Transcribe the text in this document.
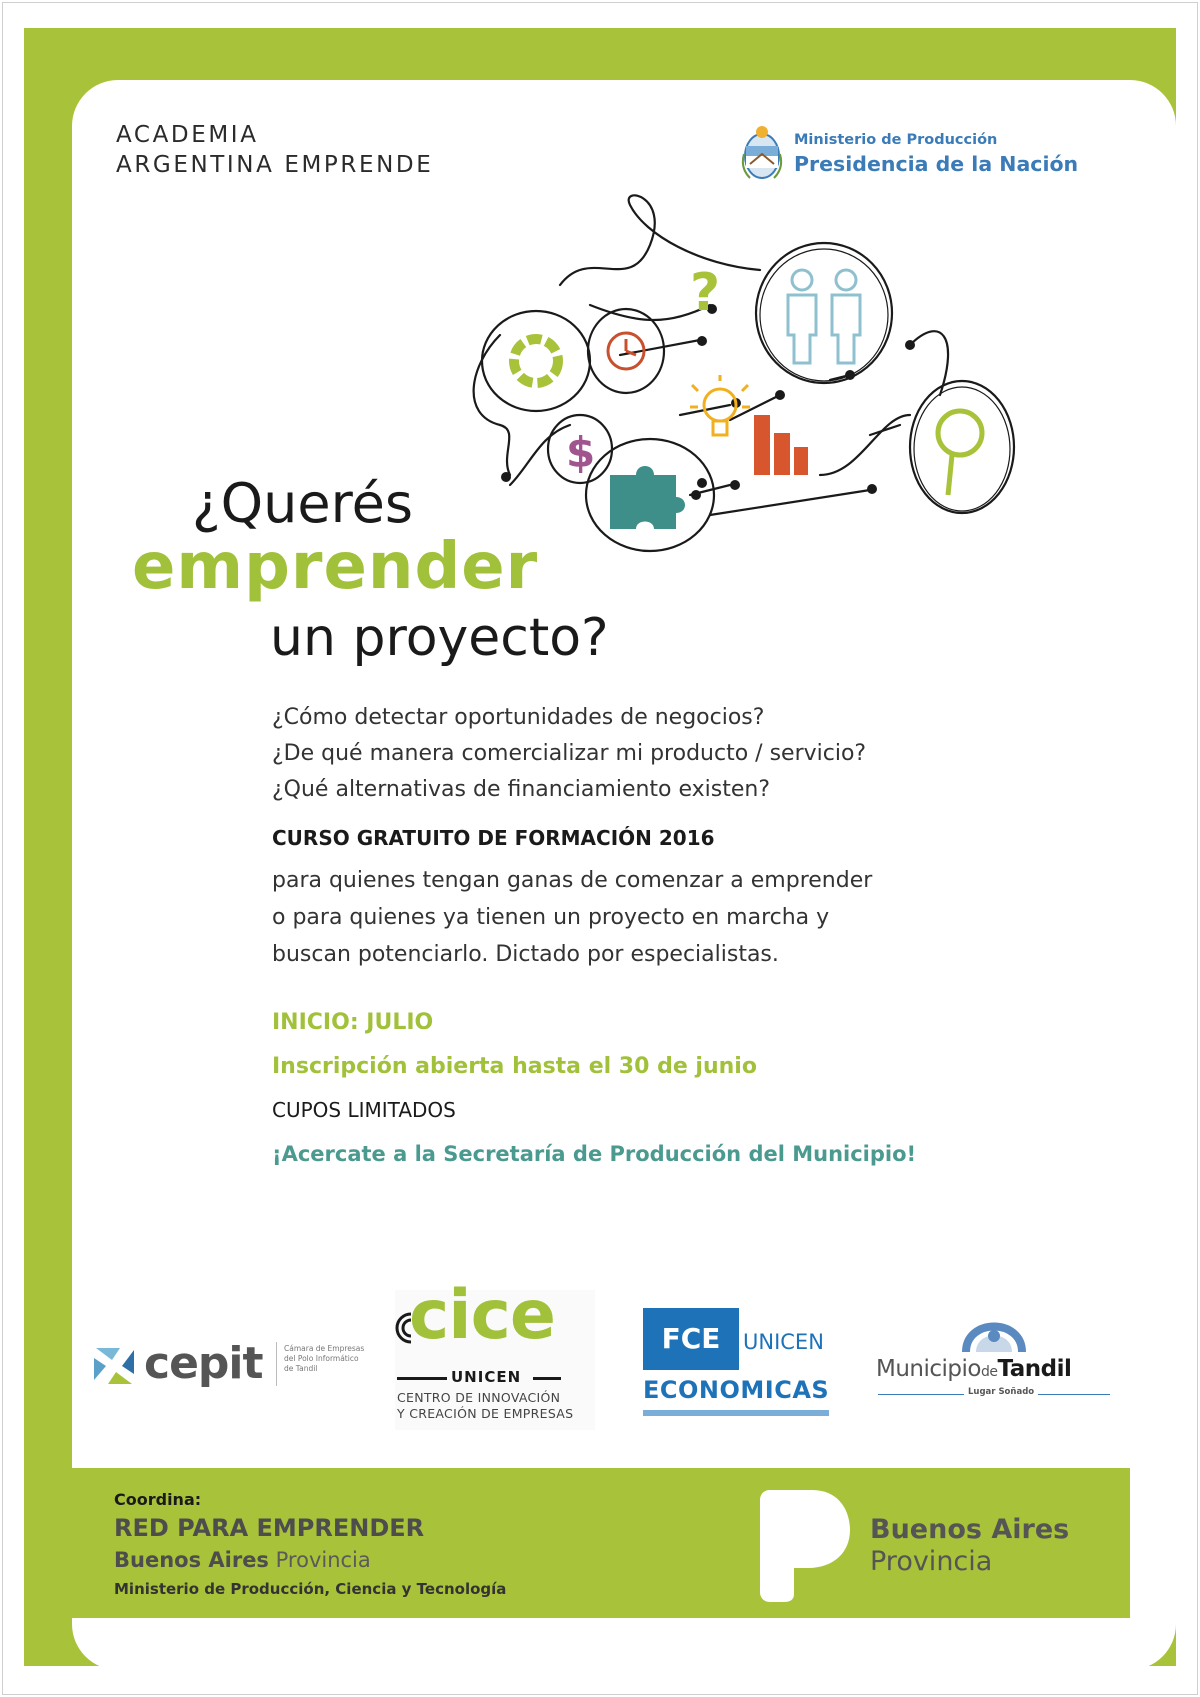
ACADEMIA
ARGENTINA EMPRENDE
Ministerio de Producción
Presidencia de la Nación
?
$
¿Querés
emprender
un proyecto?
¿Cómo detectar oportunidades de negocios?
¿De qué manera comercializar mi producto / servicio?
¿Qué alternativas de financiamiento existen?
CURSO GRATUITO DE FORMACIÓN 2016
para quienes tengan ganas de comenzar a emprender
o para quienes ya tienen un proyecto en marcha y
buscan potenciarlo. Dictado por especialistas.
INICIO: JULIO
Inscripción abierta hasta el 30 de junio
CUPOS LIMITADOS
¡Acercate a la Secretaría de Producción del Municipio!
cepit	Cámara de Empresas
del Polo Informático
de Tandil
cice
UNICEN
CENTRO DE INNOVACIÓN
Y CREACIÓN DE EMPRESAS
FCE	UNICEN
ECONOMICAS
MunicipiodeTandil
Lugar Soñado
Coordina:
RED PARA EMPRENDER
Buenos Aires Provincia
Ministerio de Producción, Ciencia y Tecnología
Buenos Aires
Provincia
